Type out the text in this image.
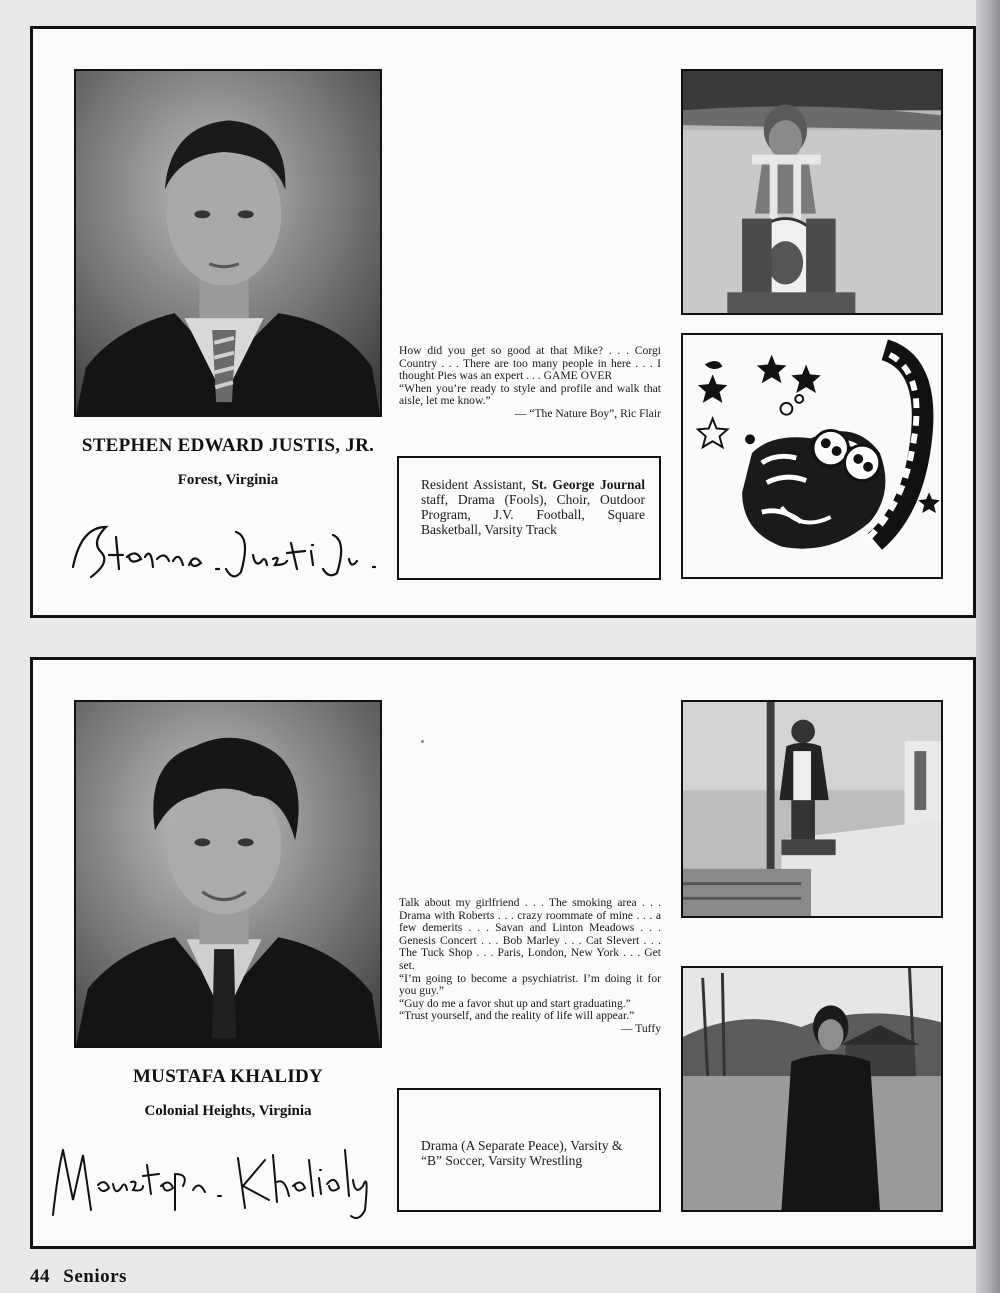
STEPHEN EDWARD JUSTIS, JR.
Forest, Virginia

How did you get so good at that Mike? . . . Corgi Country . . . There are too many people in here . . . I thought Pies was an expert . . . GAME OVER

“When you’re ready to style and profile and walk that aisle, let me know.”

— “The Nature Boy”, Ric Flair

Resident Assistant, St. George Journal staff, Drama (Fools), Choir, Outdoor Program, J.V. Football, Square Basketball, Varsity Track
MUSTAFA KHALIDY
Colonial Heights, Virginia

Talk about my girlfriend . . . The smoking area . . . Drama with Roberts . . . crazy roommate of mine . . . a few demerits . . . Savan and Linton Meadows . . . Genesis Concert . . . Bob Marley . . . Cat Slevert . . . The Tuck Shop . . . Paris, London, New York . . . Get set.

“I’m going to become a psychiatrist. I’m doing it for you guy.”

“Guy do me a favor shut up and start graduating.”

“Trust yourself, and the reality of life will appear.”

— Tuffy

Drama (A Separate Peace), Varsity & “B” Soccer, Varsity Wrestling
44 Seniors
